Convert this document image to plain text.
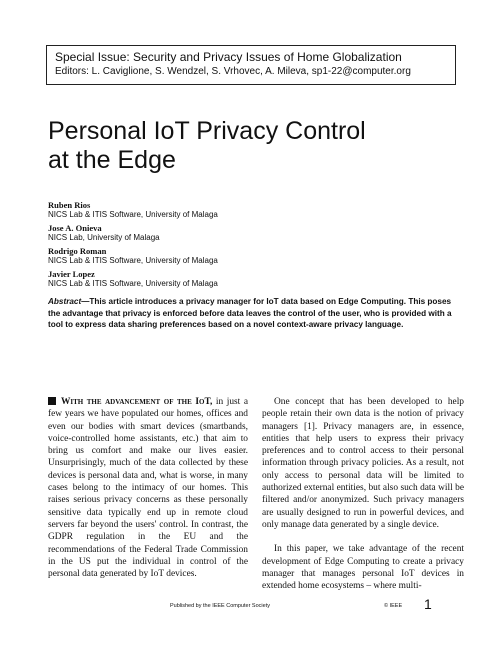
Special Issue: Security and Privacy Issues of Home Globalization
Editors: L. Caviglione, S. Wendzel, S. Vrhovec, A. Mileva, sp1-22@computer.org
Personal IoT Privacy Control
at the Edge
Ruben Rios
NICS Lab & ITIS Software, University of Malaga
Jose A. Onieva
NICS Lab, University of Malaga
Rodrigo Roman
NICS Lab & ITIS Software, University of Malaga
Javier Lopez
NICS Lab & ITIS Software, University of Malaga
Abstract—This article introduces a privacy manager for IoT data based on Edge Computing. This poses the advantage that privacy is enforced before data leaves the control of the user, who is provided with a tool to express data sharing preferences based on a novel context-aware privacy language.

With the advancement of the IoT, in just a few years we have populated our homes, offices and even our bodies with smart devices (smartbands, voice-controlled home assistants, etc.) that aim to bring us comfort and make our lives easier. Unsurprisingly, much of the data collected by these devices is personal data and, what is worse, in many cases belong to the intimacy of our homes. This raises serious privacy concerns as these personally sensitive data typically end up in remote cloud servers far beyond the users' control. In contrast, the GDPR regulation in the EU and the recommendations of the Federal Trade Commission in the US put the individual in control of the personal data generated by IoT devices.

One concept that has been developed to help people retain their own data is the notion of privacy managers [1]. Privacy managers are, in essence, entities that help users to express their privacy preferences and to control access to their personal information through privacy policies. As a result, not only access to personal data will be limited to authorized external entities, but also such data will be filtered and/or anonymized. Such privacy managers are usually designed to run in powerful devices, and only manage data generated by a single device.

In this paper, we take advantage of the recent development of Edge Computing to create a privacy manager that manages personal IoT devices in extended home ecosystems – where multi-

Published by the IEEE Computer Society	© IEEE 1
